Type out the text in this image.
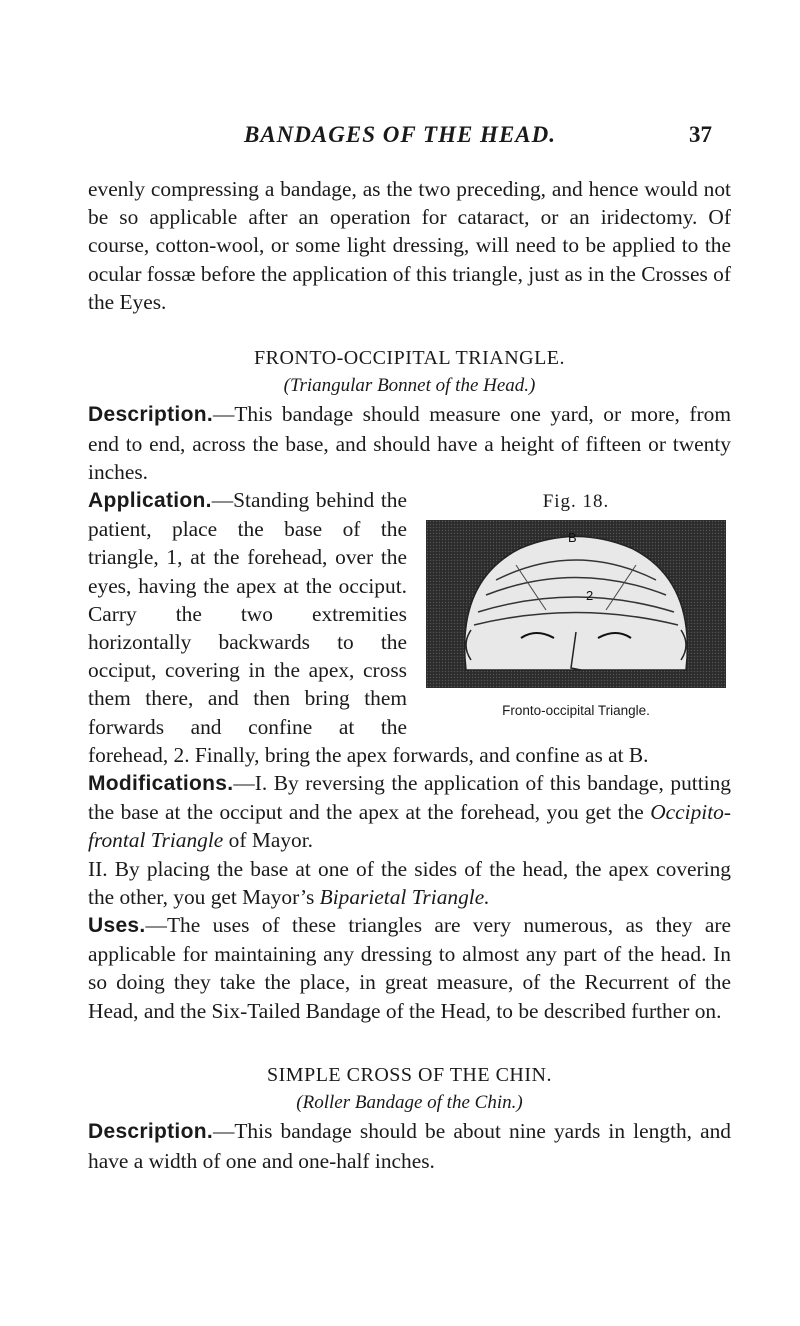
BANDAGES OF THE HEAD.	37

evenly compressing a bandage, as the two preceding, and hence would not be so applicable after an operation for cataract, or an iridectomy. Of course, cotton-wool, or some light dressing, will need to be applied to the ocular fossæ before the application of this triangle, just as in the Crosses of the Eyes.

FRONTO-OCCIPITAL TRIANGLE.

(Triangular Bonnet of the Head.)

Description.—This bandage should measure one yard, or more, from end to end, across the base, and should have a height of fifteen or twenty inches.

Fig. 18.
B
2
Fronto-occipital Triangle.

Application.—Standing behind the patient, place the base of the triangle, 1, at the forehead, over the eyes, having the apex at the occiput. Carry the two extremities horizontally backwards to the occiput, covering in the apex, cross them there, and then bring them forwards and confine at the forehead, 2. Finally, bring the apex forwards, and confine as at B.

Modifications.—I. By reversing the application of this bandage, putting the base at the occiput and the apex at the forehead, you get the Occipito-frontal Triangle of Mayor.

II. By placing the base at one of the sides of the head, the apex covering the other, you get Mayor’s Biparietal Triangle.

Uses.—The uses of these triangles are very numerous, as they are applicable for maintaining any dressing to almost any part of the head. In so doing they take the place, in great measure, of the Recurrent of the Head, and the Six-Tailed Bandage of the Head, to be described further on.

SIMPLE CROSS OF THE CHIN.

(Roller Bandage of the Chin.)

Description.—This bandage should be about nine yards in length, and have a width of one and one-half inches.
